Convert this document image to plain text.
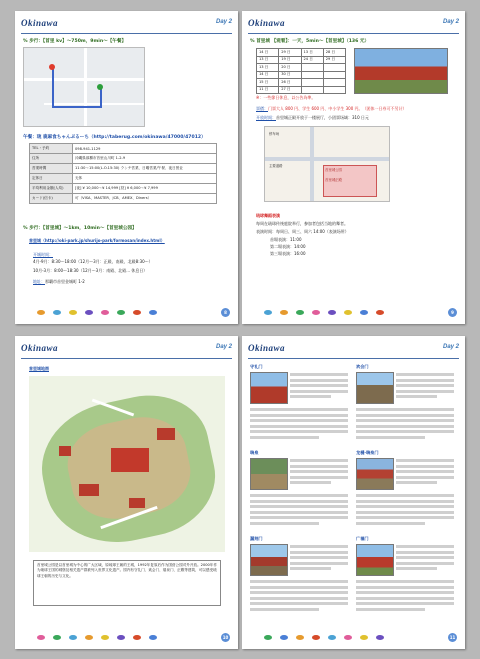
Okinawa	Day 2
% 步行：【首里 kv】～750m，9min～【午餐】
午餐：琉 鹿麻食ちゃんぷるーち（http://taberug.com/okinawa/47000/47012）
TEL・予約	098-941-1129
住所	沖縄県那覇市首里山川町 1-2-9
営業時間	11:30～15:00(L.O.15:30) ランチ営業、日曜営業/午餐、夜日營业
定休日	无休
平均利用金額(人均)	[夜] ¥ 10,000～¥ 14,999 [昼] ¥ 6,000～¥ 7,999
カード(信卡)	可（VISA、MASTER、JCB、AMEX、Diners）
% 步行：【首里城】～1km，10min～【首里城公园】
首里城（http://oki-park.jp/shurijo-park/formosan/index.html）
开城时间：
4月-9月：8:30～18:00（12月～3月：正殿、南殿、北殿8:30～）
10月-3月：8:00～18:30（12月～3月：南殿、北殿... 休息日）
地址：那覇市首里金城町 1-2
8
Okinawa	Day 2
% 首里城 【观看】：一天，5min～【首里城】（136 元）
14 日	29 日	13 日	28 日
13 日	19 日	24 日	29 日
13 日	20 日		
14 日	30 日		
15 日	26 日		
11 日	27 日		
※：一些節日休息，以公告為準。
票價：门票大人 800 円、学生 600 円、中小学生 300 円。（团体一日券可不另计）
开放时间：首里城正殿开放于一楼展厅，小团票场域：310 日元
停车场
首里城公园
首里城正殿
主要道路
琉球舞蹈表演
每周在琉球传统庭院举行，参加者包括当地的舞者。
表演时间：每周日、周三、周六 14:00（表演场所）
首場表演：11:00
第二場表演：14:00
第三場表演：16:00
9
Okinawa	Day 2
首里城地图
首里城公园是以首里城为中心的广大区域，原琉球王朝的王城，1992年复原后作为国营公园对外开放。2000年作为琉球王国的城堡及相关遗产群被列入世界文化遗产。园内有守礼门、欢会门、瑞泉门、正殿等建筑，可以感受琉球王朝的历史与文化。
10
Okinawa	Day 2
守礼门	欢会门
瑞泉	龙樋·瑞泉门
漏刻门	广福门
11
